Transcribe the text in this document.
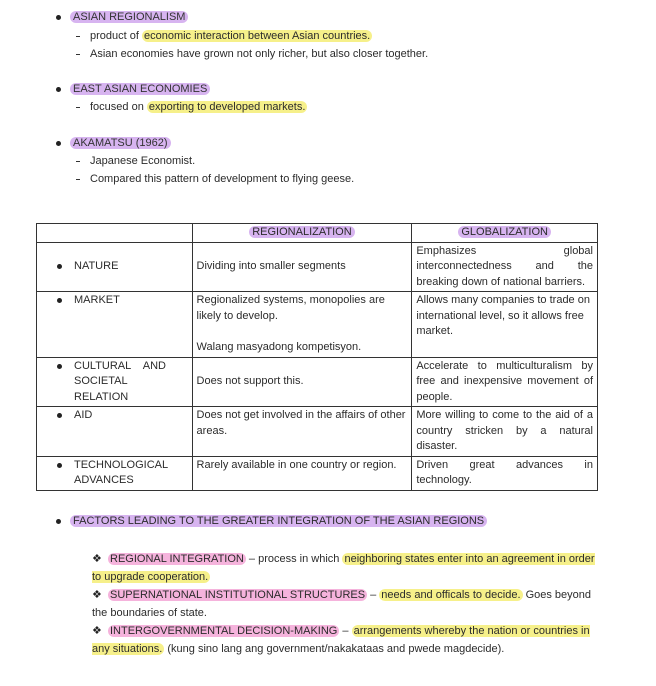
ASIAN REGIONALISM
product of economic interaction between Asian countries.
Asian economies have grown not only richer, but also closer together.
EAST ASIAN ECONOMIES
focused on exporting to developed markets.
AKAMATSU (1962)
Japanese Economist.
Compared this pattern of development to flying geese.
	REGIONALIZATION	GLOBALIZATION

NATURE	Dividing into smaller segments	Emphasizes global interconnectedness and the breaking down of national barriers.

MARKET	Regionalized systems, monopolies are likely to develop.
Walang masyadong kompetisyon.	Allows many companies to trade on international level, so it allows free market.

CULTURAL AND SOCIETAL RELATION	Does not support this.	Accelerate to multiculturalism by free and inexpensive movement of people.

AID	Does not get involved in the affairs of other areas.	More willing to come to the aid of a country stricken by a natural disaster.

TECHNOLOGICAL ADVANCES	Rarely available in one country or region.	Driven great advances in technology.
FACTORS LEADING TO THE GREATER INTEGRATION OF THE ASIAN REGIONS
❖ REGIONAL INTEGRATION – process in which neighboring states enter into an agreement in order to upgrade cooperation.
❖ SUPERNATIONAL INSTITUTIONAL STRUCTURES – needs and officals to decide. Goes beyond the boundaries of state.
❖ INTERGOVERNMENTAL DECISION-MAKING – arrangements whereby the nation or countries in any situations. (kung sino lang ang government/nakakataas and pwede magdecide).
